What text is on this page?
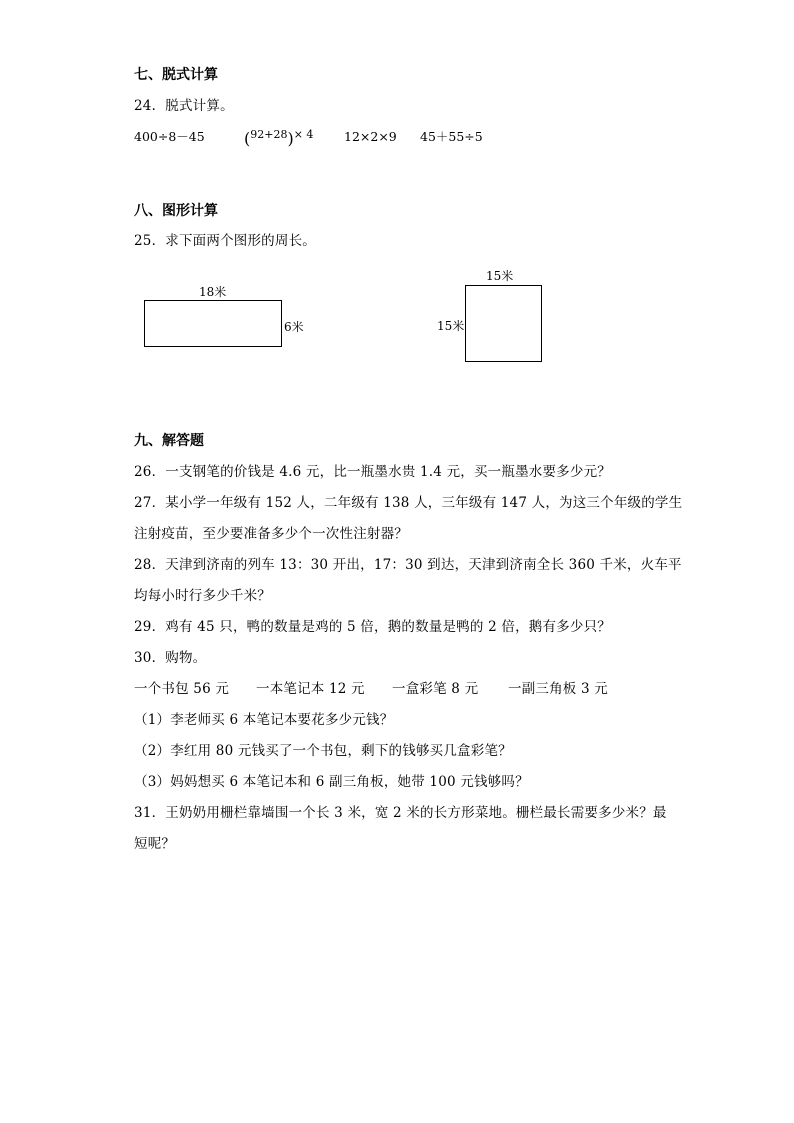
七、脱式计算
24．脱式计算。
400÷8－45 (92+28)× 4 12×2×9 45＋55÷5
八、图形计算
25．求下面两个图形的周长。
18米
6米
15米
15米
九、解答题
26．一支钢笔的价钱是 4.6 元，比一瓶墨水贵 1.4 元，买一瓶墨水要多少元？
27．某小学一年级有 152 人，二年级有 138 人，三年级有 147 人，为这三个年级的学生
注射疫苗，至少要准备多少个一次性注射器？
28．天津到济南的列车 13：30 开出，17：30 到达，天津到济南全长 360 千米，火车平
均每小时行多少千米？
29．鸡有 45 只，鸭的数量是鸡的 5 倍，鹅的数量是鸭的 2 倍，鹅有多少只？
30．购物。
一个书包 56 元 一本笔记本 12 元 一盒彩笔 8 元 一副三角板 3 元
（1）李老师买 6 本笔记本要花多少元钱？
（2）李红用 80 元钱买了一个书包，剩下的钱够买几盒彩笔？
（3）妈妈想买 6 本笔记本和 6 副三角板，她带 100 元钱够吗？
31．王奶奶用栅栏靠墙围一个长 3 米，宽 2 米的长方形菜地。栅栏最长需要多少米？最
短呢？
